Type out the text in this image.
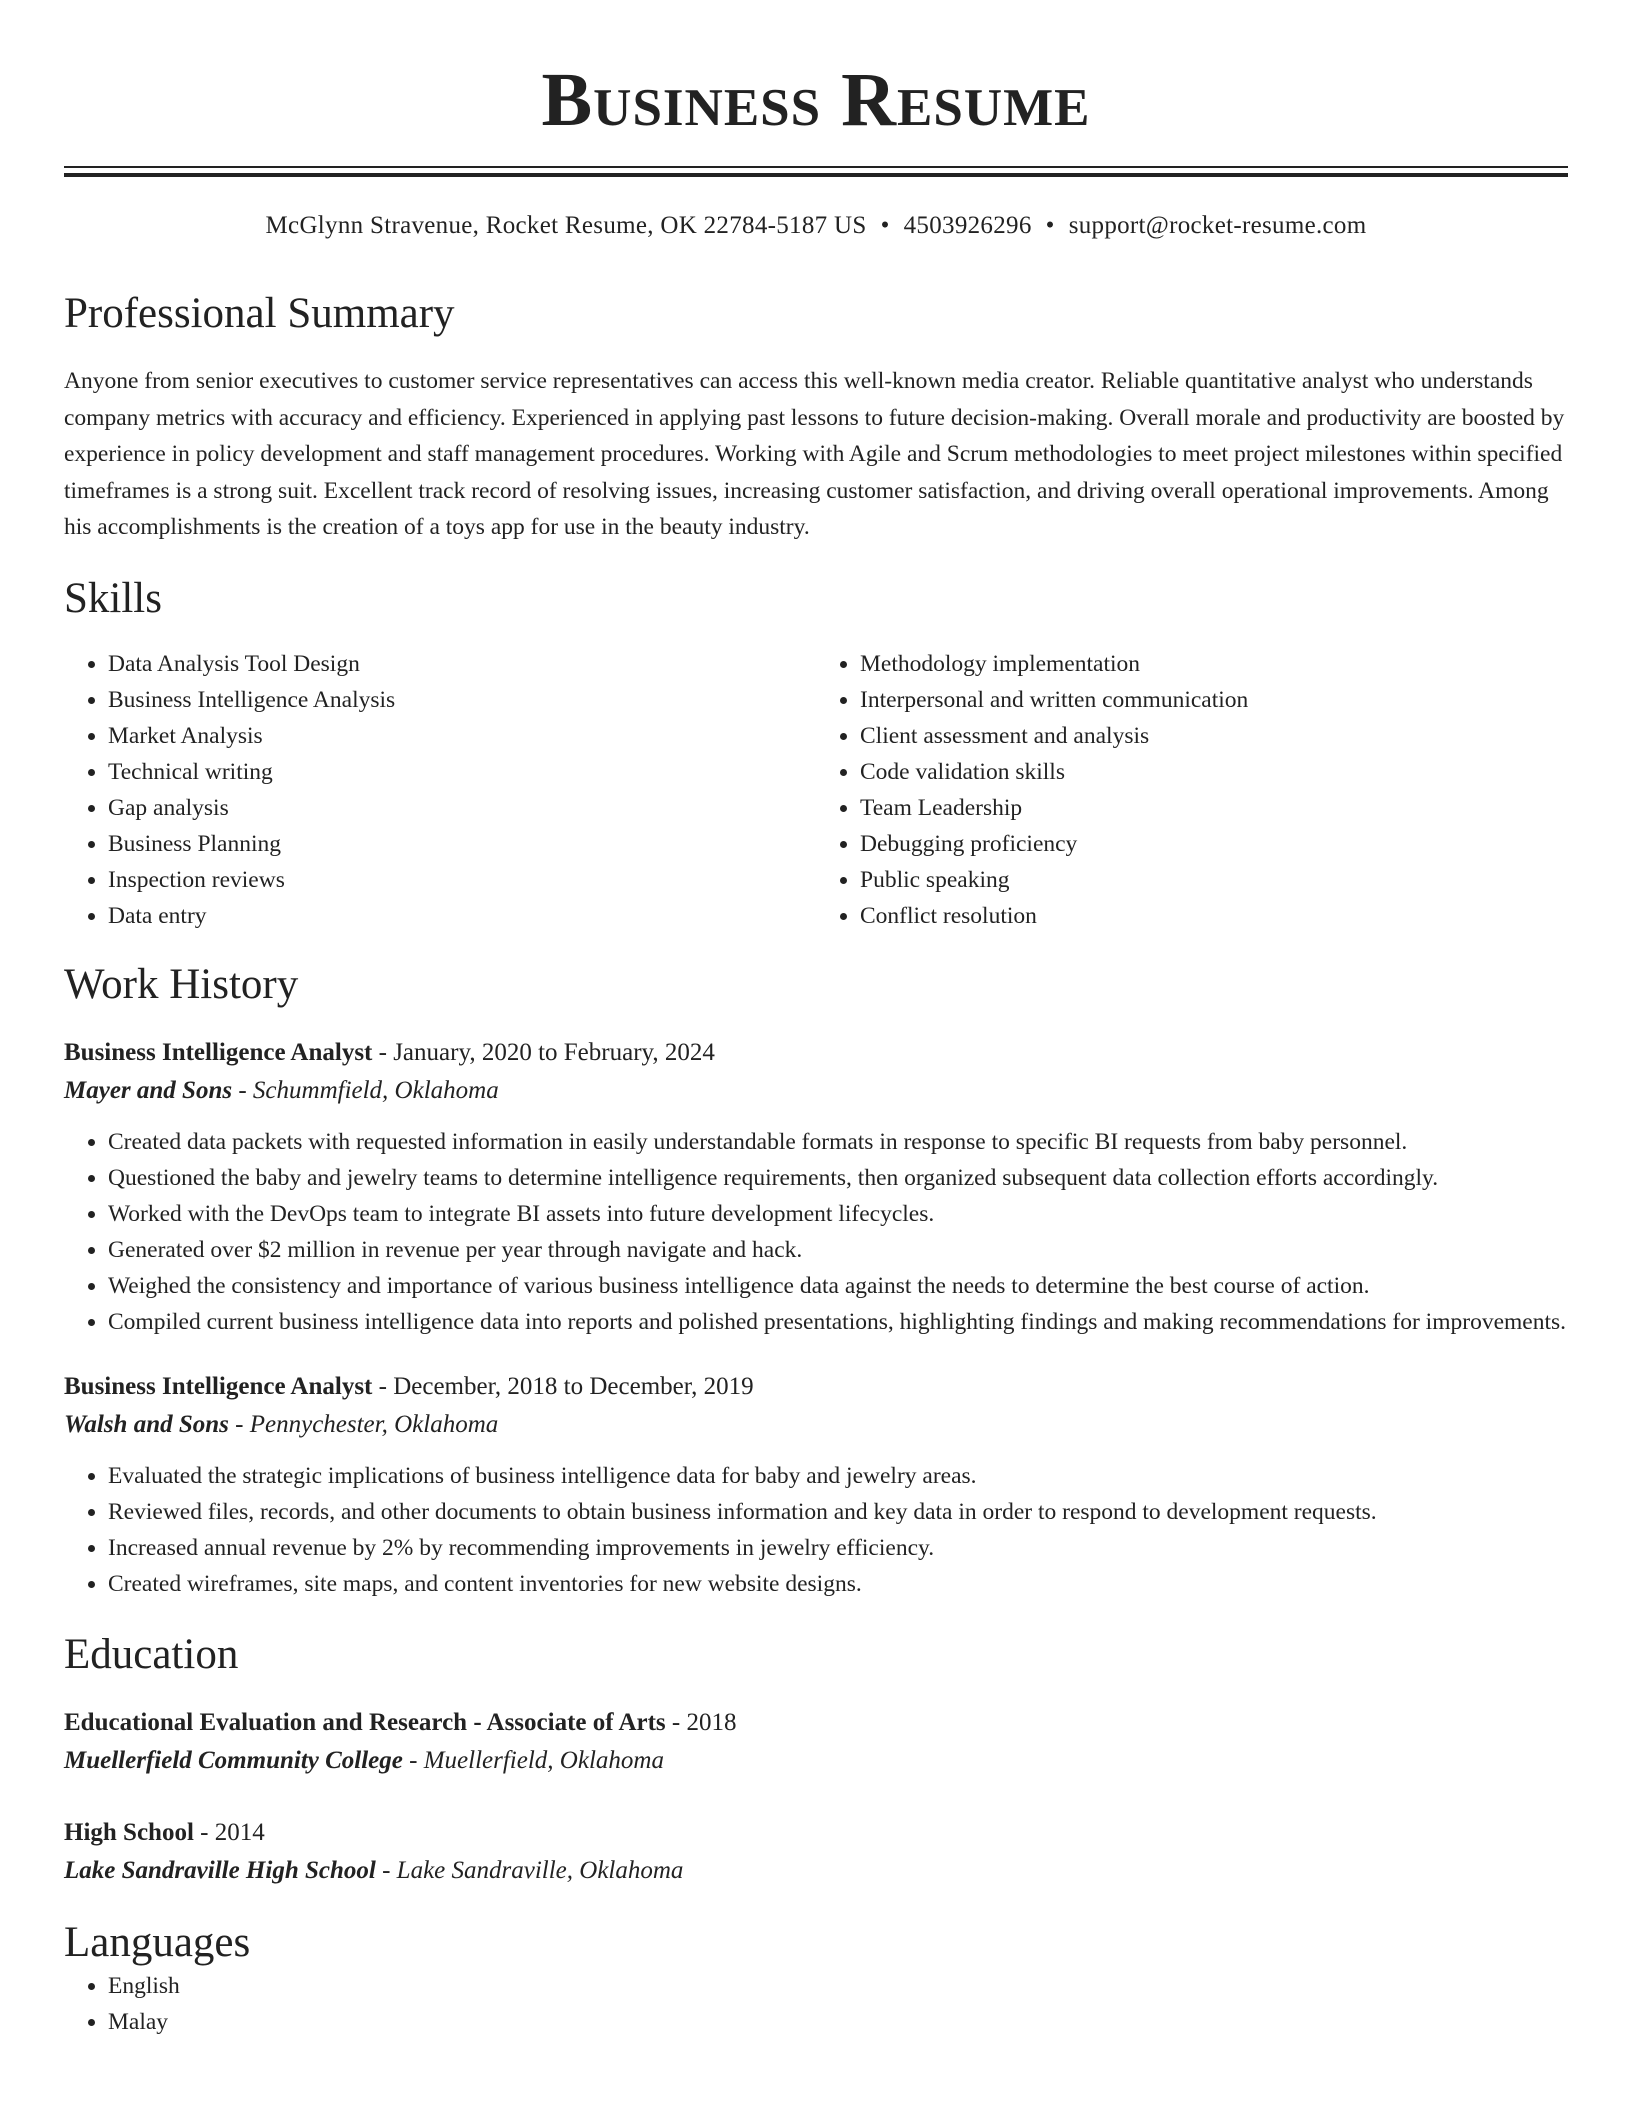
Business Resume
McGlynn Stravenue, Rocket Resume, OK 22784-5187 US • 4503926296 • support@rocket-resume.com
Professional Summary

Anyone from senior executives to customer service representatives can access this well-known media creator. Reliable quantitative analyst who understands company metrics with accuracy and efficiency. Experienced in applying past lessons to future decision-making. Overall morale and productivity are boosted by experience in policy development and staff management procedures. Working with Agile and Scrum methodologies to meet project milestones within specified timeframes is a strong suit. Excellent track record of resolving issues, increasing customer satisfaction, and driving overall operational improvements. Among his accomplishments is the creation of a toys app for use in the beauty industry.

Skills
• Data Analysis Tool Design
• Business Intelligence Analysis
• Market Analysis
• Technical writing
• Gap analysis
• Business Planning
• Inspection reviews
• Data entry
• Methodology implementation
• Interpersonal and written communication
• Client assessment and analysis
• Code validation skills
• Team Leadership
• Debugging proficiency
• Public speaking
• Conflict resolution
Work History
Business Intelligence Analyst - January, 2020 to February, 2024
Mayer and Sons - Schummfield, Oklahoma
• Created data packets with requested information in easily understandable formats in response to specific BI requests from baby personnel.
• Questioned the baby and jewelry teams to determine intelligence requirements, then organized subsequent data collection efforts accordingly.
• Worked with the DevOps team to integrate BI assets into future development lifecycles.
• Generated over $2 million in revenue per year through navigate and hack.
• Weighed the consistency and importance of various business intelligence data against the needs to determine the best course of action.
• Compiled current business intelligence data into reports and polished presentations, highlighting findings and making recommendations for improvements.
Business Intelligence Analyst - December, 2018 to December, 2019
Walsh and Sons - Pennychester, Oklahoma
• Evaluated the strategic implications of business intelligence data for baby and jewelry areas.
• Reviewed files, records, and other documents to obtain business information and key data in order to respond to development requests.
• Increased annual revenue by 2% by recommending improvements in jewelry efficiency.
• Created wireframes, site maps, and content inventories for new website designs.
Education
Educational Evaluation and Research - Associate of Arts - 2018
Muellerfield Community College - Muellerfield, Oklahoma
High School - 2014
Lake Sandraville High School - Lake Sandraville, Oklahoma
Languages
• English
• Malay
